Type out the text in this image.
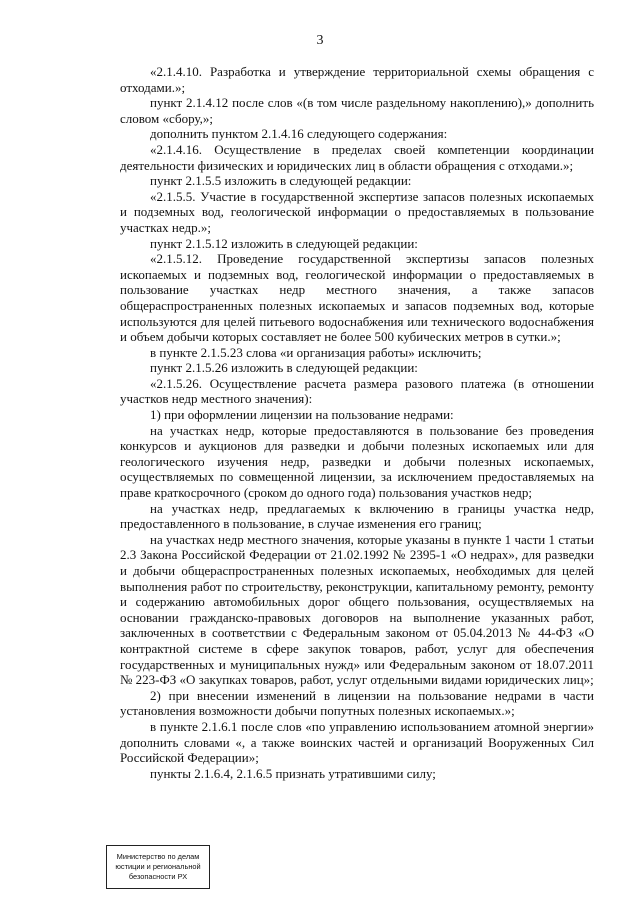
3

«2.1.4.10. Разработка и утверждение территориальной схемы обращения с отходами.»;

пункт 2.1.4.12 после слов «(в том числе раздельному накоплению),» дополнить словом «сбору,»;

дополнить пунктом 2.1.4.16 следующего содержания:

«2.1.4.16. Осуществление в пределах своей компетенции координации деятельности физических и юридических лиц в области обращения с отходами.»;

пункт 2.1.5.5 изложить в следующей редакции:

«2.1.5.5. Участие в государственной экспертизе запасов полезных ископаемых и подземных вод, геологической информации о предоставляемых в пользование участках недр.»;

пункт 2.1.5.12 изложить в следующей редакции:

«2.1.5.12. Проведение государственной экспертизы запасов полезных ископаемых и подземных вод, геологической информации о предоставляемых в пользование участках недр местного значения, а также запасов общераспространенных полезных ископаемых и запасов подземных вод, которые используются для целей питьевого водоснабжения или технического водоснабжения и объем добычи которых составляет не более 500 кубических метров в сутки.»;

в пункте 2.1.5.23 слова «и организация работы» исключить;

пункт 2.1.5.26 изложить в следующей редакции:

«2.1.5.26. Осуществление расчета размера разового платежа (в отношении участков недр местного значения):

1) при оформлении лицензии на пользование недрами:

на участках недр, которые предоставляются в пользование без проведения конкурсов и аукционов для разведки и добычи полезных ископаемых или для геологического изучения недр, разведки и добычи полезных ископаемых, осуществляемых по совмещенной лицензии, за исключением предоставляемых на праве краткосрочного (сроком до одного года) пользования участков недр;

на участках недр, предлагаемых к включению в границы участка недр, предоставленного в пользование, в случае изменения его границ;

на участках недр местного значения, которые указаны в пункте 1 части 1 статьи 2.3 Закона Российской Федерации от 21.02.1992 № 2395-1 «О недрах», для разведки и добычи общераспространенных полезных ископаемых, необходимых для целей выполнения работ по строительству, реконструкции, капитальному ремонту, ремонту и содержанию автомобильных дорог общего пользования, осуществляемых на основании гражданско-правовых договоров на выполнение указанных работ, заключенных в соответствии с Федеральным законом от 05.04.2013 № 44-ФЗ «О контрактной системе в сфере закупок товаров, работ, услуг для обеспечения государственных и муниципальных нужд» или Федеральным законом от 18.07.2011 № 223-ФЗ «О закупках товаров, работ, услуг отдельными видами юридических лиц»;

2) при внесении изменений в лицензии на пользование недрами в части установления возможности добычи попутных полезных ископаемых.»;

в пункте 2.1.6.1 после слов «по управлению использованием атомной энергии» дополнить словами «, а также воинских частей и организаций Вооруженных Сил Российской Федерации»;

пункты 2.1.6.4, 2.1.6.5 признать утратившими силу;

Министерство по делам
юстиции и региональной
безопасности РХ
